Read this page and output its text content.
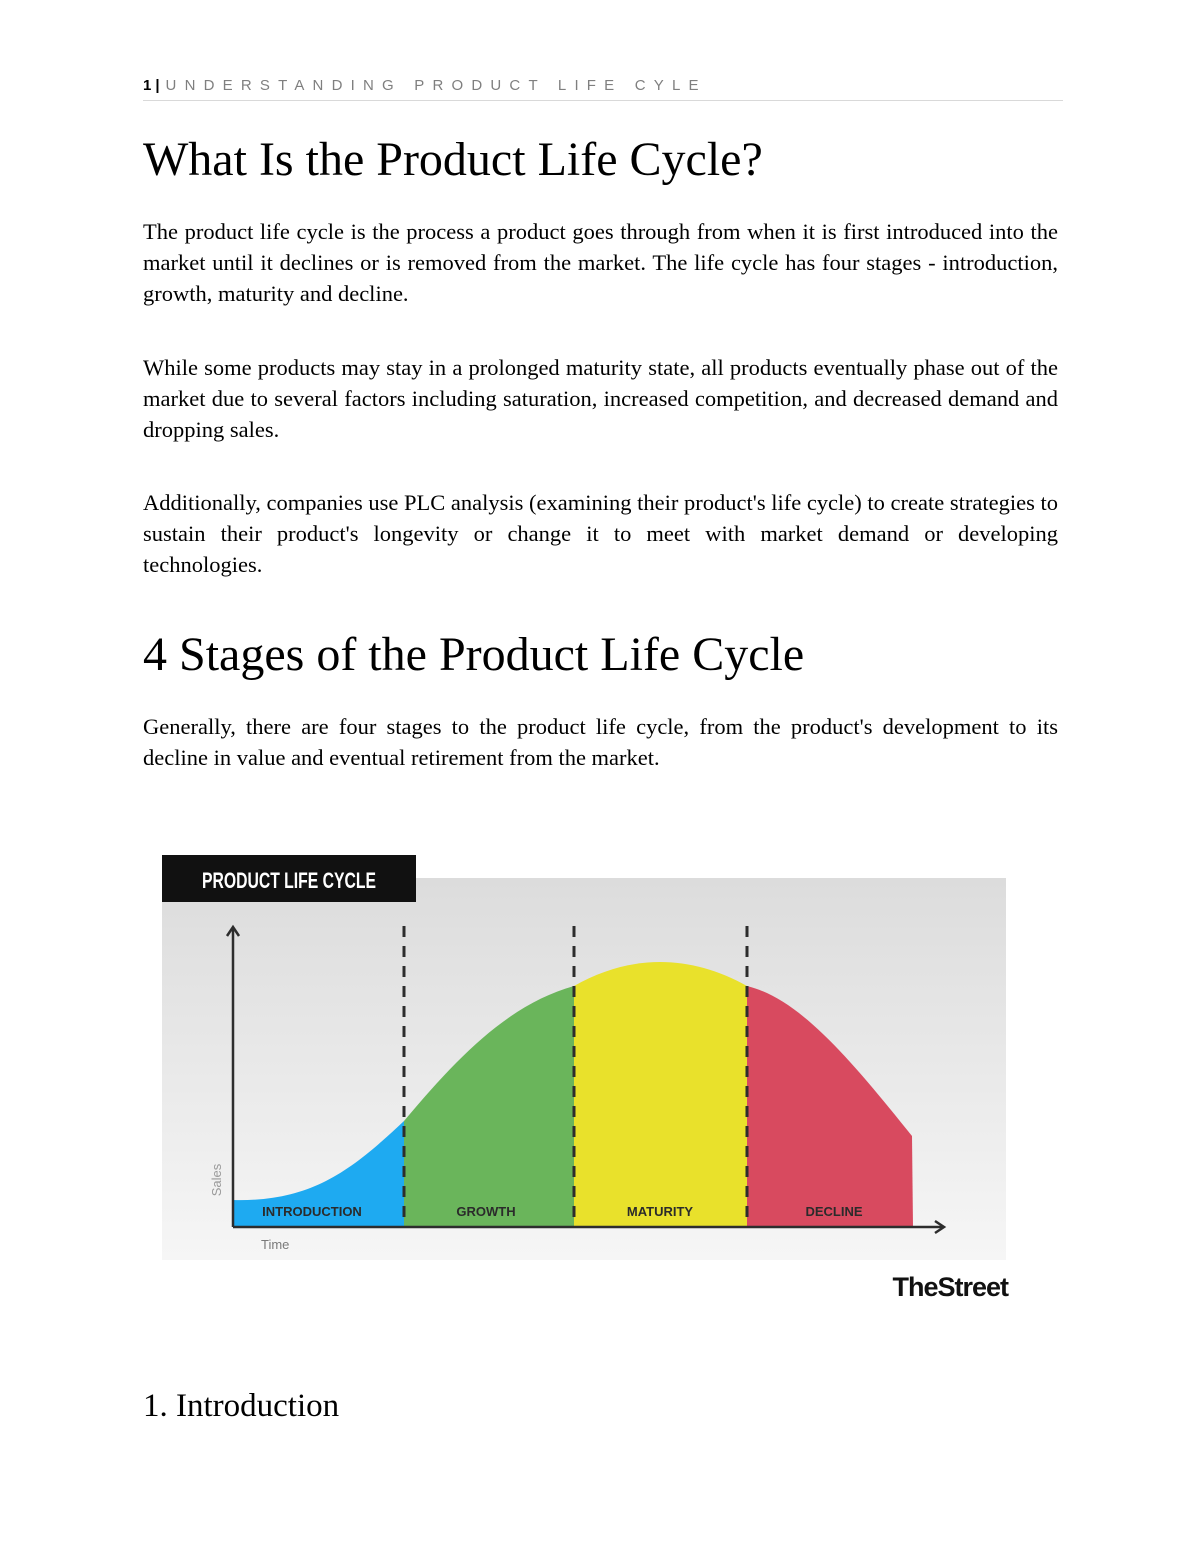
1 | UNDERSTANDING PRODUCT LIFE CYLE
What Is the Product Life Cycle?

The product life cycle is the process a product goes through from when it is first introduced into the market until it declines or is removed from the market. The life cycle has four stages - introduction, growth, maturity and decline.

While some products may stay in a prolonged maturity state, all products eventually phase out of the market due to several factors including saturation, increased competition, and decreased demand and dropping sales.

Additionally, companies use PLC analysis (examining their product's life cycle) to create strategies to sustain their product's longevity or change it to meet with market demand or developing technologies.

4 Stages of the Product Life Cycle

Generally, there are four stages to the product life cycle, from the product's development to its decline in value and eventual retirement from the market.

PRODUCT LIFE CYCLE
INTRODUCTION	GROWTH	MATURITY	DECLINE
Sales
Time
TheStreet
1. Introduction
